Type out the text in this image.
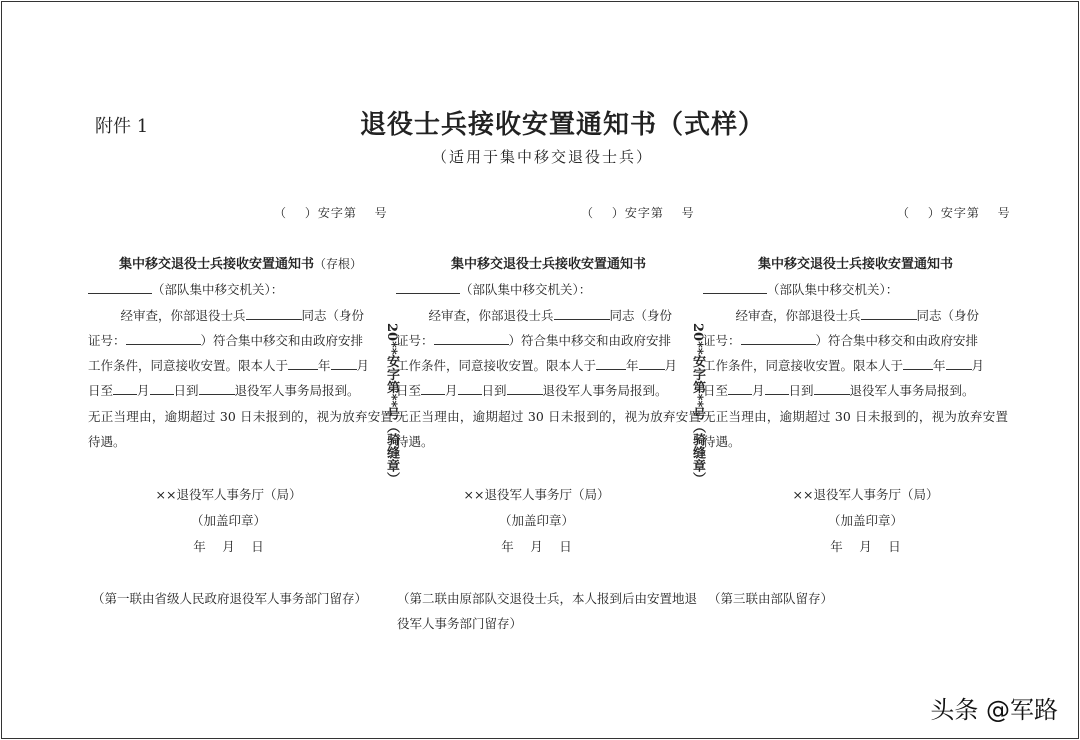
附件 1	退役士兵接收安置通知书（式样）
（适用于集中移交退役士兵）
（　 ）安字第　 号	（　 ）安字第　 号	（　 ）安字第　 号
集中移交退役士兵接收安置通知书（存根）

（部队集中移交机关）：

经审查，你部退役士兵	同志（身份
证号：	）符合集中移交和由政府安排
工作条件，同意接收安置。限本人于 年 月
日至 月 日到	退役军人事务局报到。
无正当理由，逾期超过 30 日未报到的，视为放弃安置待遇。

××退役军人事务厅（局）
（加盖印章）
年　 月　 日
集中移交退役士兵接收安置通知书

（部队集中移交机关）：

经审查，你部退役士兵	同志（身份
证号：	）符合集中移交和由政府安排
工作条件，同意接收安置。限本人于 年 月
日至 月 日到	退役军人事务局报到。
无正当理由，逾期超过 30 日未报到的，视为放弃安置待遇。

××退役军人事务厅（局）
（加盖印章）
年　 月　 日
集中移交退役士兵接收安置通知书

（部队集中移交机关）：

经审查，你部退役士兵	同志（身份
证号：	）符合集中移交和由政府安排
工作条件，同意接收安置。限本人于 年 月
日至 月 日到	退役军人事务局报到。
无正当理由，逾期超过 30 日未报到的，视为放弃安置待遇。

××退役军人事务厅（局）
（加盖印章）
年　 月　 日
20**安字第**号（骑缝章）	20**安字第**号（骑缝章）
（第一联由省级人民政府退役军人事务部门留存） （第二联由原部队交退役士兵，本人报到后由安置地退役军人事务部门留存）
（第三联由部队留存）
头条 @军路
